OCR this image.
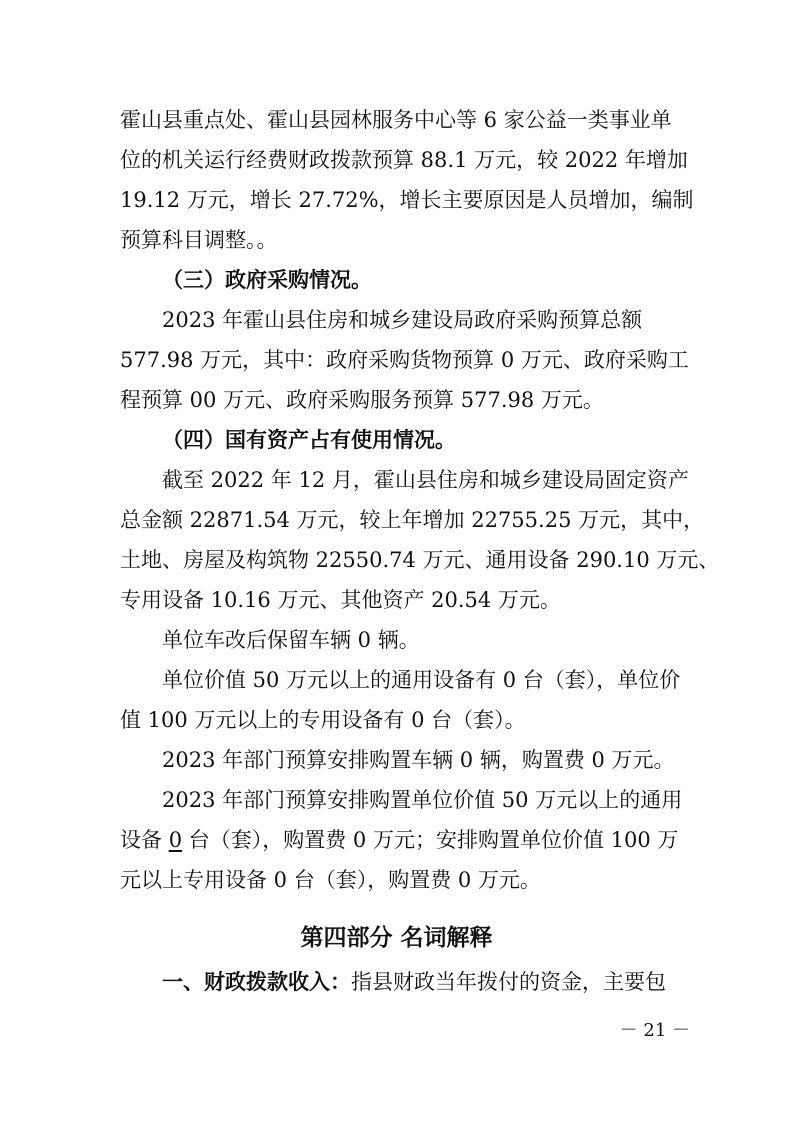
霍山县重点处、霍山县园林服务中心等 6 家公益一类事业单

位的机关运行经费财政拨款预算 88.1 万元，较 2022 年增加

19.12 万元，增长 27.72%，增长主要原因是人员增加，编制

预算科目调整。。

（三）政府采购情况。

2023 年霍山县住房和城乡建设局政府采购预算总额

577.98 万元，其中：政府采购货物预算 0 万元、政府采购工

程预算 00 万元、政府采购服务预算 577.98 万元。

（四）国有资产占有使用情况。

截至 2022 年 12 月，霍山县住房和城乡建设局固定资产

总金额 22871.54 万元，较上年增加 22755.25 万元，其中，

土地、房屋及构筑物 22550.74 万元、通用设备 290.10 万元、

专用设备 10.16 万元、其他资产 20.54 万元。

单位车改后保留车辆 0 辆。

单位价值 50 万元以上的通用设备有 0 台（套），单位价

值 100 万元以上的专用设备有 0 台（套）。

2023 年部门预算安排购置车辆 0 辆，购置费 0 万元。

2023 年部门预算安排购置单位价值 50 万元以上的通用

设备 0 台（套），购置费 0 万元；安排购置单位价值 100 万

元以上专用设备 0 台（套），购置费 0 万元。

第四部分 名词解释

一、财政拨款收入：指县财政当年拨付的资金，主要包

－ 21 －
